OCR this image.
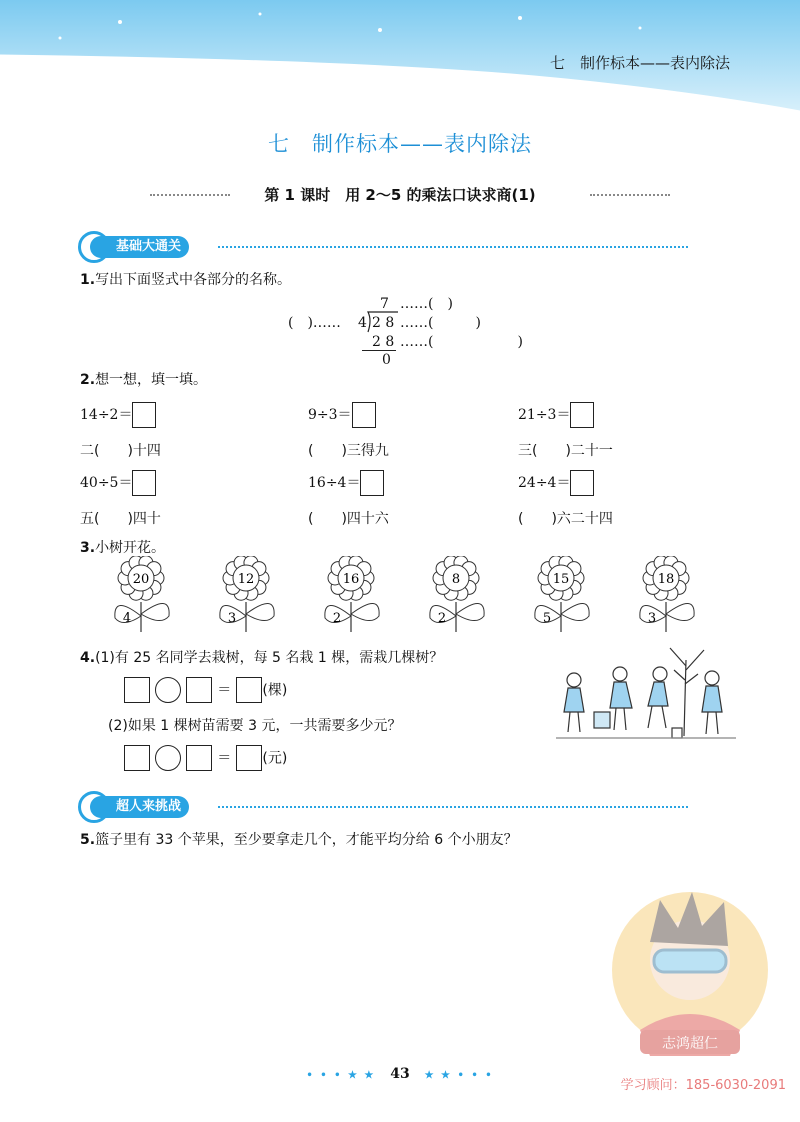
七　制作标本——表内除法
七　制作标本——表内除法
第 1 课时　用 2～5 的乘法口诀求商(1)
基础大通关
1.写出下面竖式中各部分的名称。
7 ……(　)
(　)…… 4 2 8 ……(　　　)
2 8 ……(　　　　　　)
0
2.想一想，填一填。
14÷2＝	9÷3＝	21÷3＝
二(　　)十四	(　　)三得九	三(　　)二十一
40÷5＝	16÷4＝	24÷4＝
五(　　)四十	(　　)四十六	(　　)六二十四
3.小树开花。
20
4
12
3
16
2
8
2
15
5
18
3
4.(1)有 25 名同学去栽树，每 5 名栽 1 棵，需栽几棵树？
＝ (棵)
(2)如果 1 棵树苗需要 3 元，一共需要多少元？
＝ (元)
超人来挑战
5.篮子里有 33 个苹果，至少要拿走几个，才能平均分给 6 个小朋友？
志鸿超仁
• • • ★ ★ 43 ★ ★ • • •
学习顾问：185-6030-2091
